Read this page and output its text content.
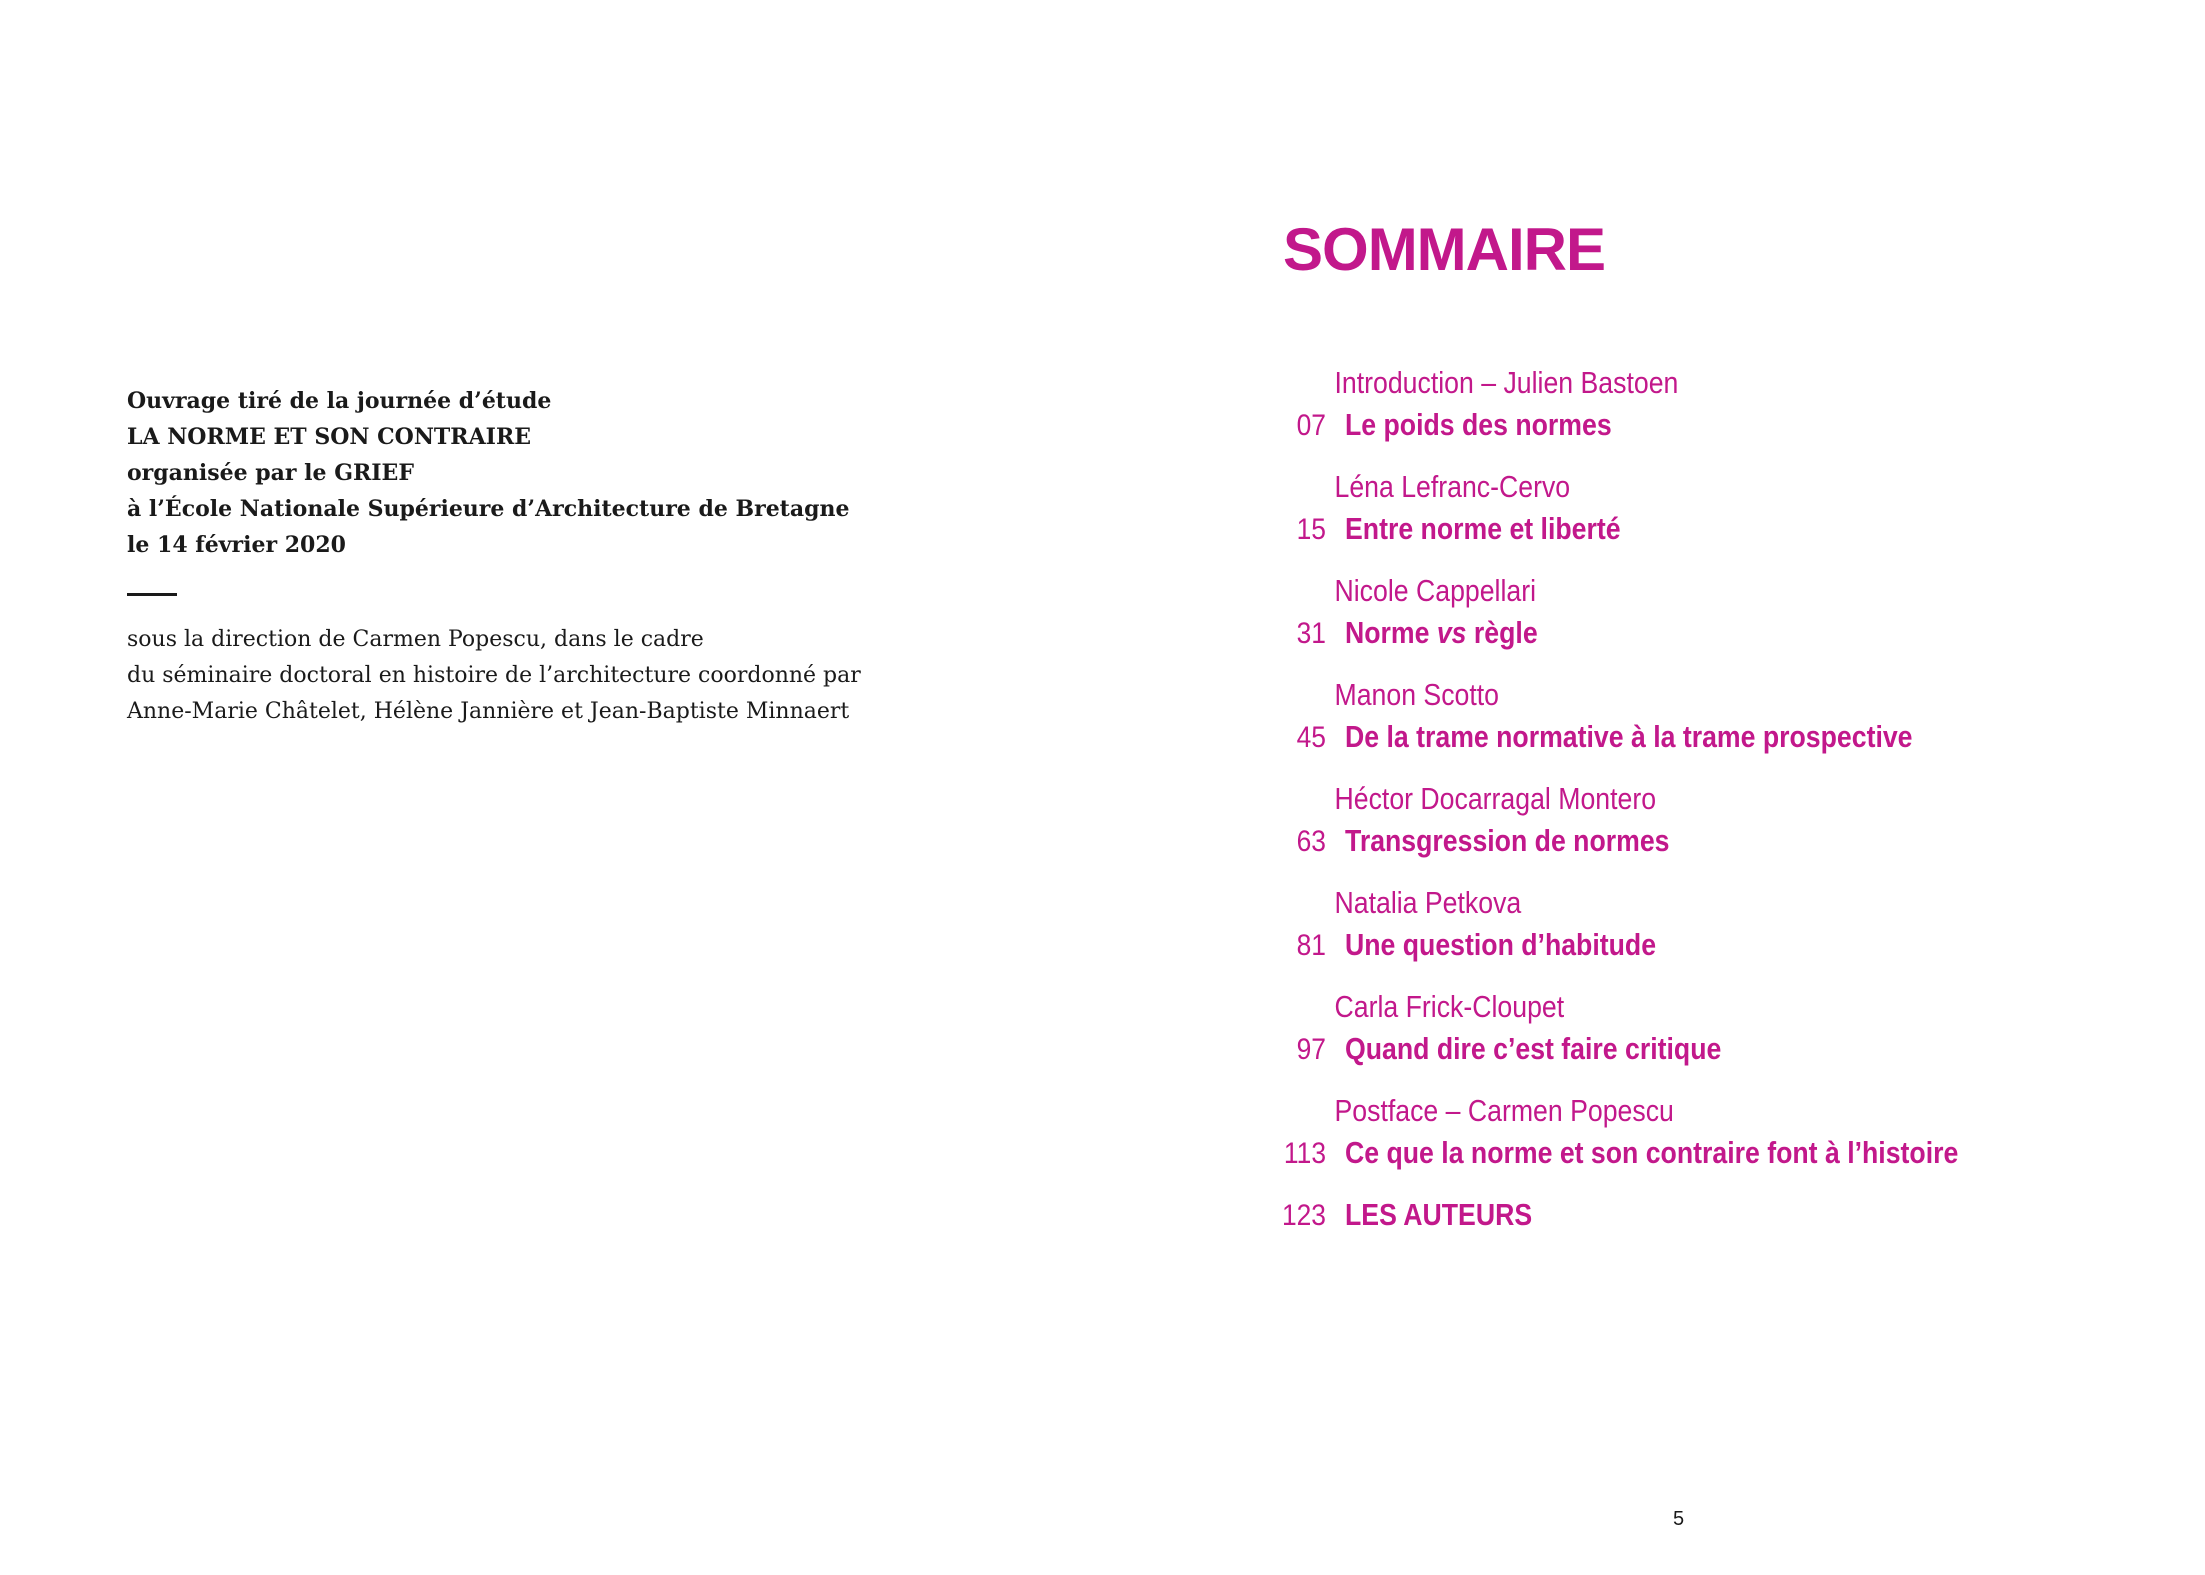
Ouvrage tiré de la journée d’étude
LA NORME ET SON CONTRAIRE
organisée par le GRIEF
à l’École Nationale Supérieure d’Architecture de Bretagne
le 14 février 2020
sous la direction de Carmen Popescu, dans le cadre
du séminaire doctoral en histoire de l’architecture coordonné par
Anne-Marie Châtelet, Hélène Jannière et Jean-Baptiste Minnaert
SOMMAIRE
Introduction – Julien Bastoen
07 Le poids des normes
Léna Lefranc-Cervo
15 Entre norme et liberté
Nicole Cappellari
31 Norme vs règle
Manon Scotto
45 De la trame normative à la trame prospective
Héctor Docarragal Montero
63 Transgression de normes
Natalia Petkova
81 Une question d’habitude
Carla Frick-Cloupet
97 Quand dire c’est faire critique
Postface – Carmen Popescu
113 Ce que la norme et son contraire font à l’histoire
123 LES AUTEURS
5
